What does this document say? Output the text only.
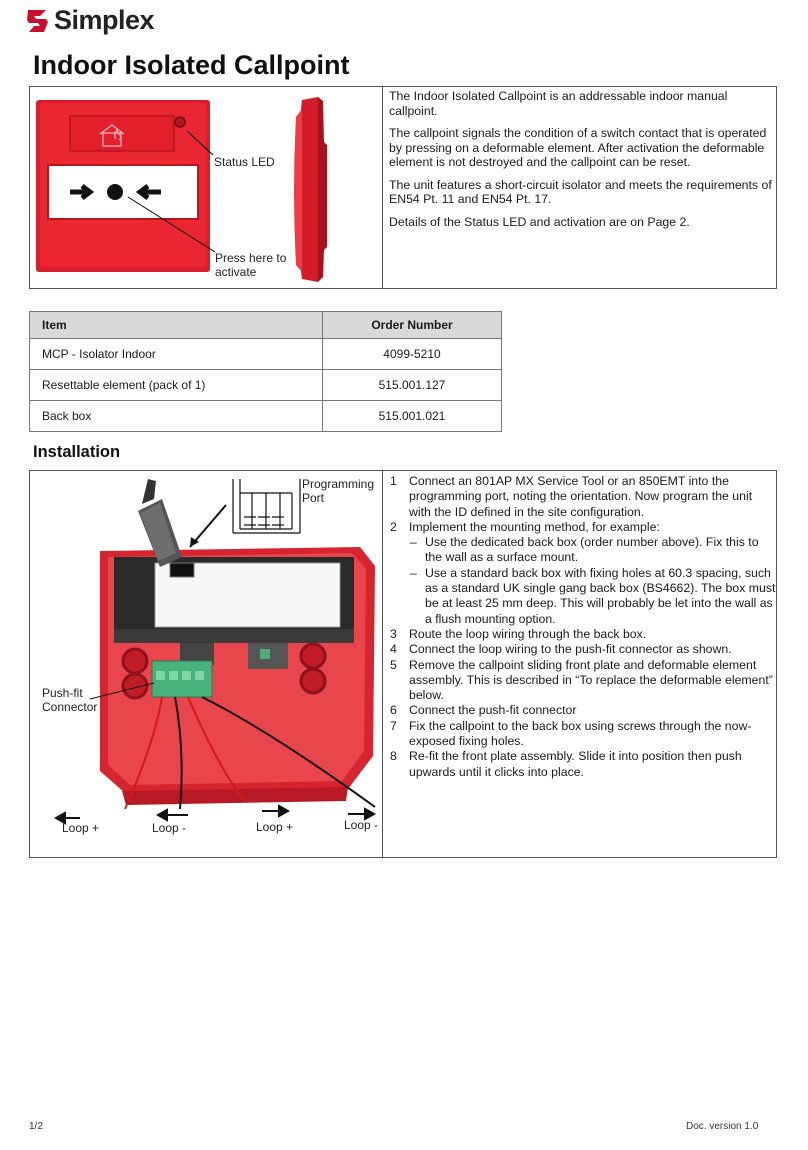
Simplex
Indoor Isolated Callpoint
Status LED
Press here to activate

The Indoor Isolated Callpoint is an addressable indoor manual callpoint.

The callpoint signals the condition of a switch contact that is operated by pressing on a deformable element. After activation the deformable element is not destroyed and the callpoint can be reset.

The unit features a short-circuit isolator and meets the requirements of EN54 Pt. 11 and EN54 Pt. 17.

Details of the Status LED and activation are on Page 2.

Item	Order Number
MCP - Isolator Indoor	4099-5210
Resettable element (pack of 1)	515.001.127
Back box	515.001.021
Installation
Programming Port
Push-fit Connector
Loop +	Loop -	Loop +	Loop -
1 Connect an 801AP MX Service Tool or an 850EMT into the programming port, noting the orientation. Now program the unit with the ID defined in the site configuration.
2 Implement the mounting method, for example:
– Use the dedicated back box (order number above). Fix this to the wall as a surface mount.
– Use a standard back box with fixing holes at 60.3 spacing, such as a standard UK single gang back box (BS4662). The box must be at least 25 mm deep. This will probably be let into the wall as a flush mounting option.
3 Route the loop wiring through the back box.
4 Connect the loop wiring to the push-fit connector as shown.
5 Remove the callpoint sliding front plate and deformable element assembly. This is described in “To replace the deformable element” below.
6 Connect the push-fit connector
7 Fix the callpoint to the back box using screws through the now-exposed fixing holes.
8 Re-fit the front plate assembly. Slide it into position then push upwards until it clicks into place.
1/2	Doc. version 1.0
